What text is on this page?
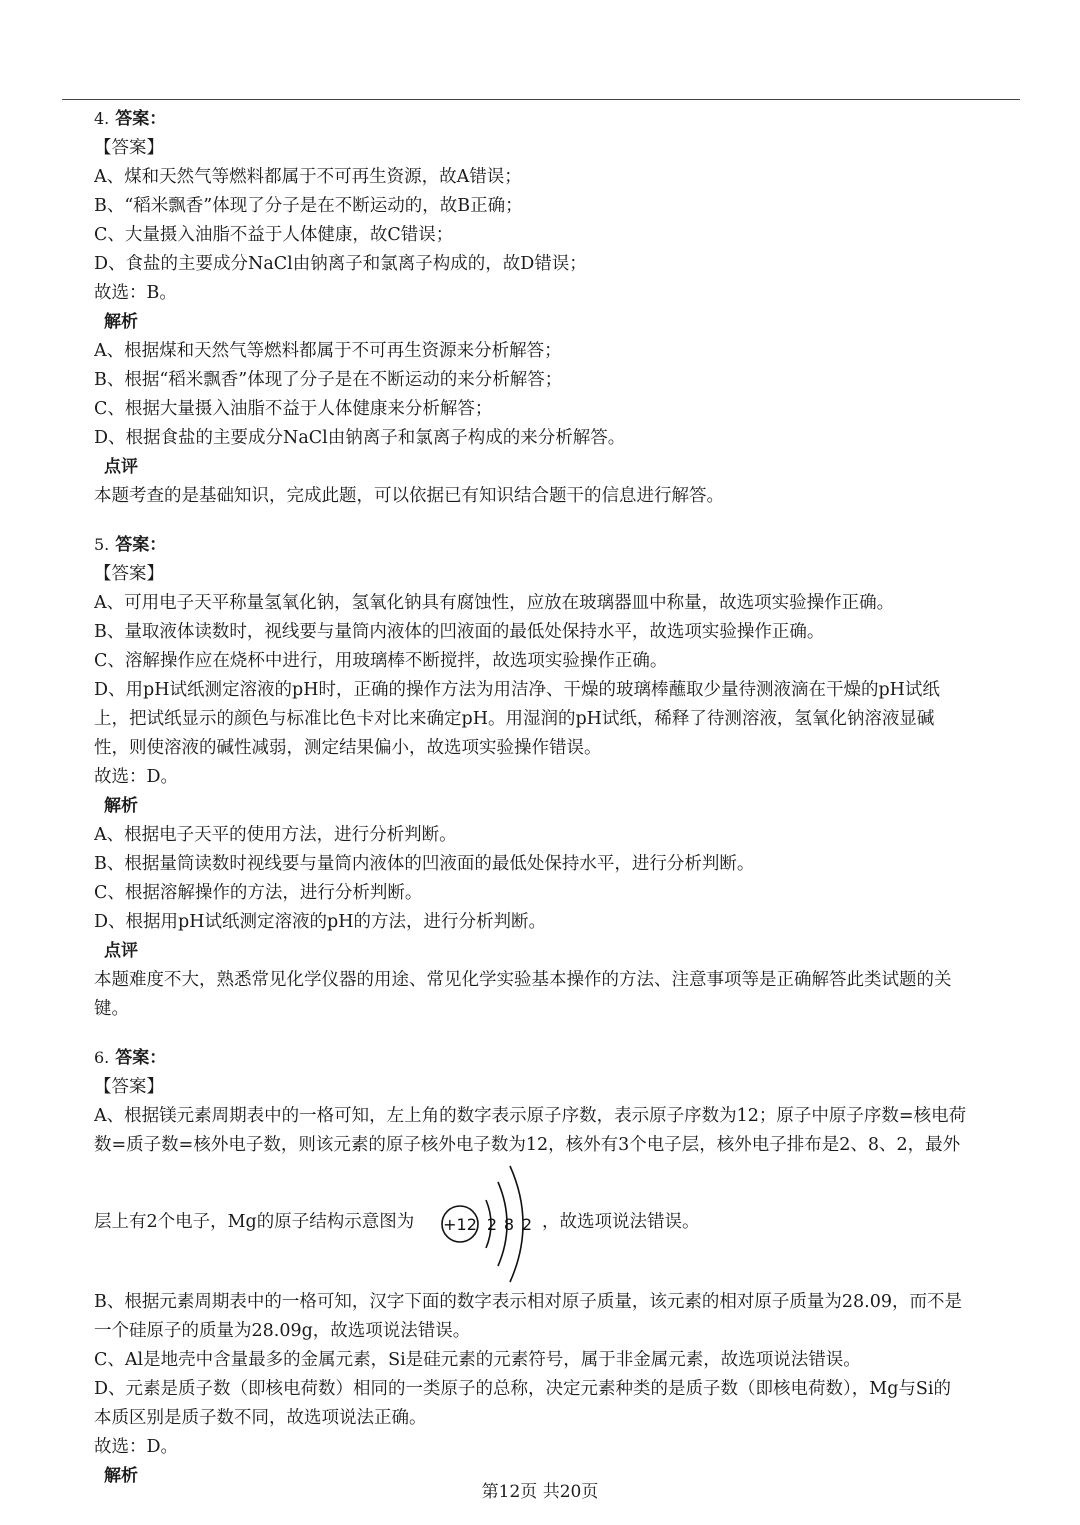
4. 答案：
【答案】
A、煤和天然气等燃料都属于不可再生资源，故A错误；
B、“稻米飘香”体现了分子是在不断运动的，故B正确；
C、大量摄入油脂不益于人体健康，故C错误；
D、食盐的主要成分NaCl由钠离子和氯离子构成的，故D错误；
故选：B。
解析
A、根据煤和天然气等燃料都属于不可再生资源来分析解答；
B、根据“稻米飘香”体现了分子是在不断运动的来分析解答；
C、根据大量摄入油脂不益于人体健康来分析解答；
D、根据食盐的主要成分NaCl由钠离子和氯离子构成的来分析解答。
点评
本题考查的是基础知识，完成此题，可以依据已有知识结合题干的信息进行解答。
5. 答案：
【答案】
A、可用电子天平称量氢氧化钠，氢氧化钠具有腐蚀性，应放在玻璃器皿中称量，故选项实验操作正确。
B、量取液体读数时，视线要与量筒内液体的凹液面的最低处保持水平，故选项实验操作正确。
C、溶解操作应在烧杯中进行，用玻璃棒不断搅拌，故选项实验操作正确。
D、用pH试纸测定溶液的pH时，正确的操作方法为用洁净、干燥的玻璃棒蘸取少量待测液滴在干燥的pH试纸
上，把试纸显示的颜色与标准比色卡对比来确定pH。用湿润的pH试纸，稀释了待测溶液，氢氧化钠溶液显碱
性，则使溶液的碱性减弱，测定结果偏小，故选项实验操作错误。
故选：D。
解析
A、根据电子天平的使用方法，进行分析判断。
B、根据量筒读数时视线要与量筒内液体的凹液面的最低处保持水平，进行分析判断。
C、根据溶解操作的方法，进行分析判断。
D、根据用pH试纸测定溶液的pH的方法，进行分析判断。
点评
本题难度不大，熟悉常见化学仪器的用途、常见化学实验基本操作的方法、注意事项等是正确解答此类试题的关
键。
6. 答案：
【答案】
A、根据镁元素周期表中的一格可知，左上角的数字表示原子序数，表示原子序数为12；原子中原子序数=核电荷
数=质子数=核外电子数，则该元素的原子核外电子数为12，核外有3个电子层，核外电子排布是2、8、2，最外
层上有2个电子，Mg的原子结构示意图为 +12 2 8 2 ，故选项说法错误。
B、根据元素周期表中的一格可知，汉字下面的数字表示相对原子质量，该元素的相对原子质量为28.09，而不是
一个硅原子的质量为28.09g，故选项说法错误。
C、Al是地壳中含量最多的金属元素，Si是硅元素的元素符号，属于非金属元素，故选项说法错误。
D、元素是质子数（即核电荷数）相同的一类原子的总称，决定元素种类的是质子数（即核电荷数），Mg与Si的
本质区别是质子数不同，故选项说法正确。
故选：D。
解析
第12页 共20页
